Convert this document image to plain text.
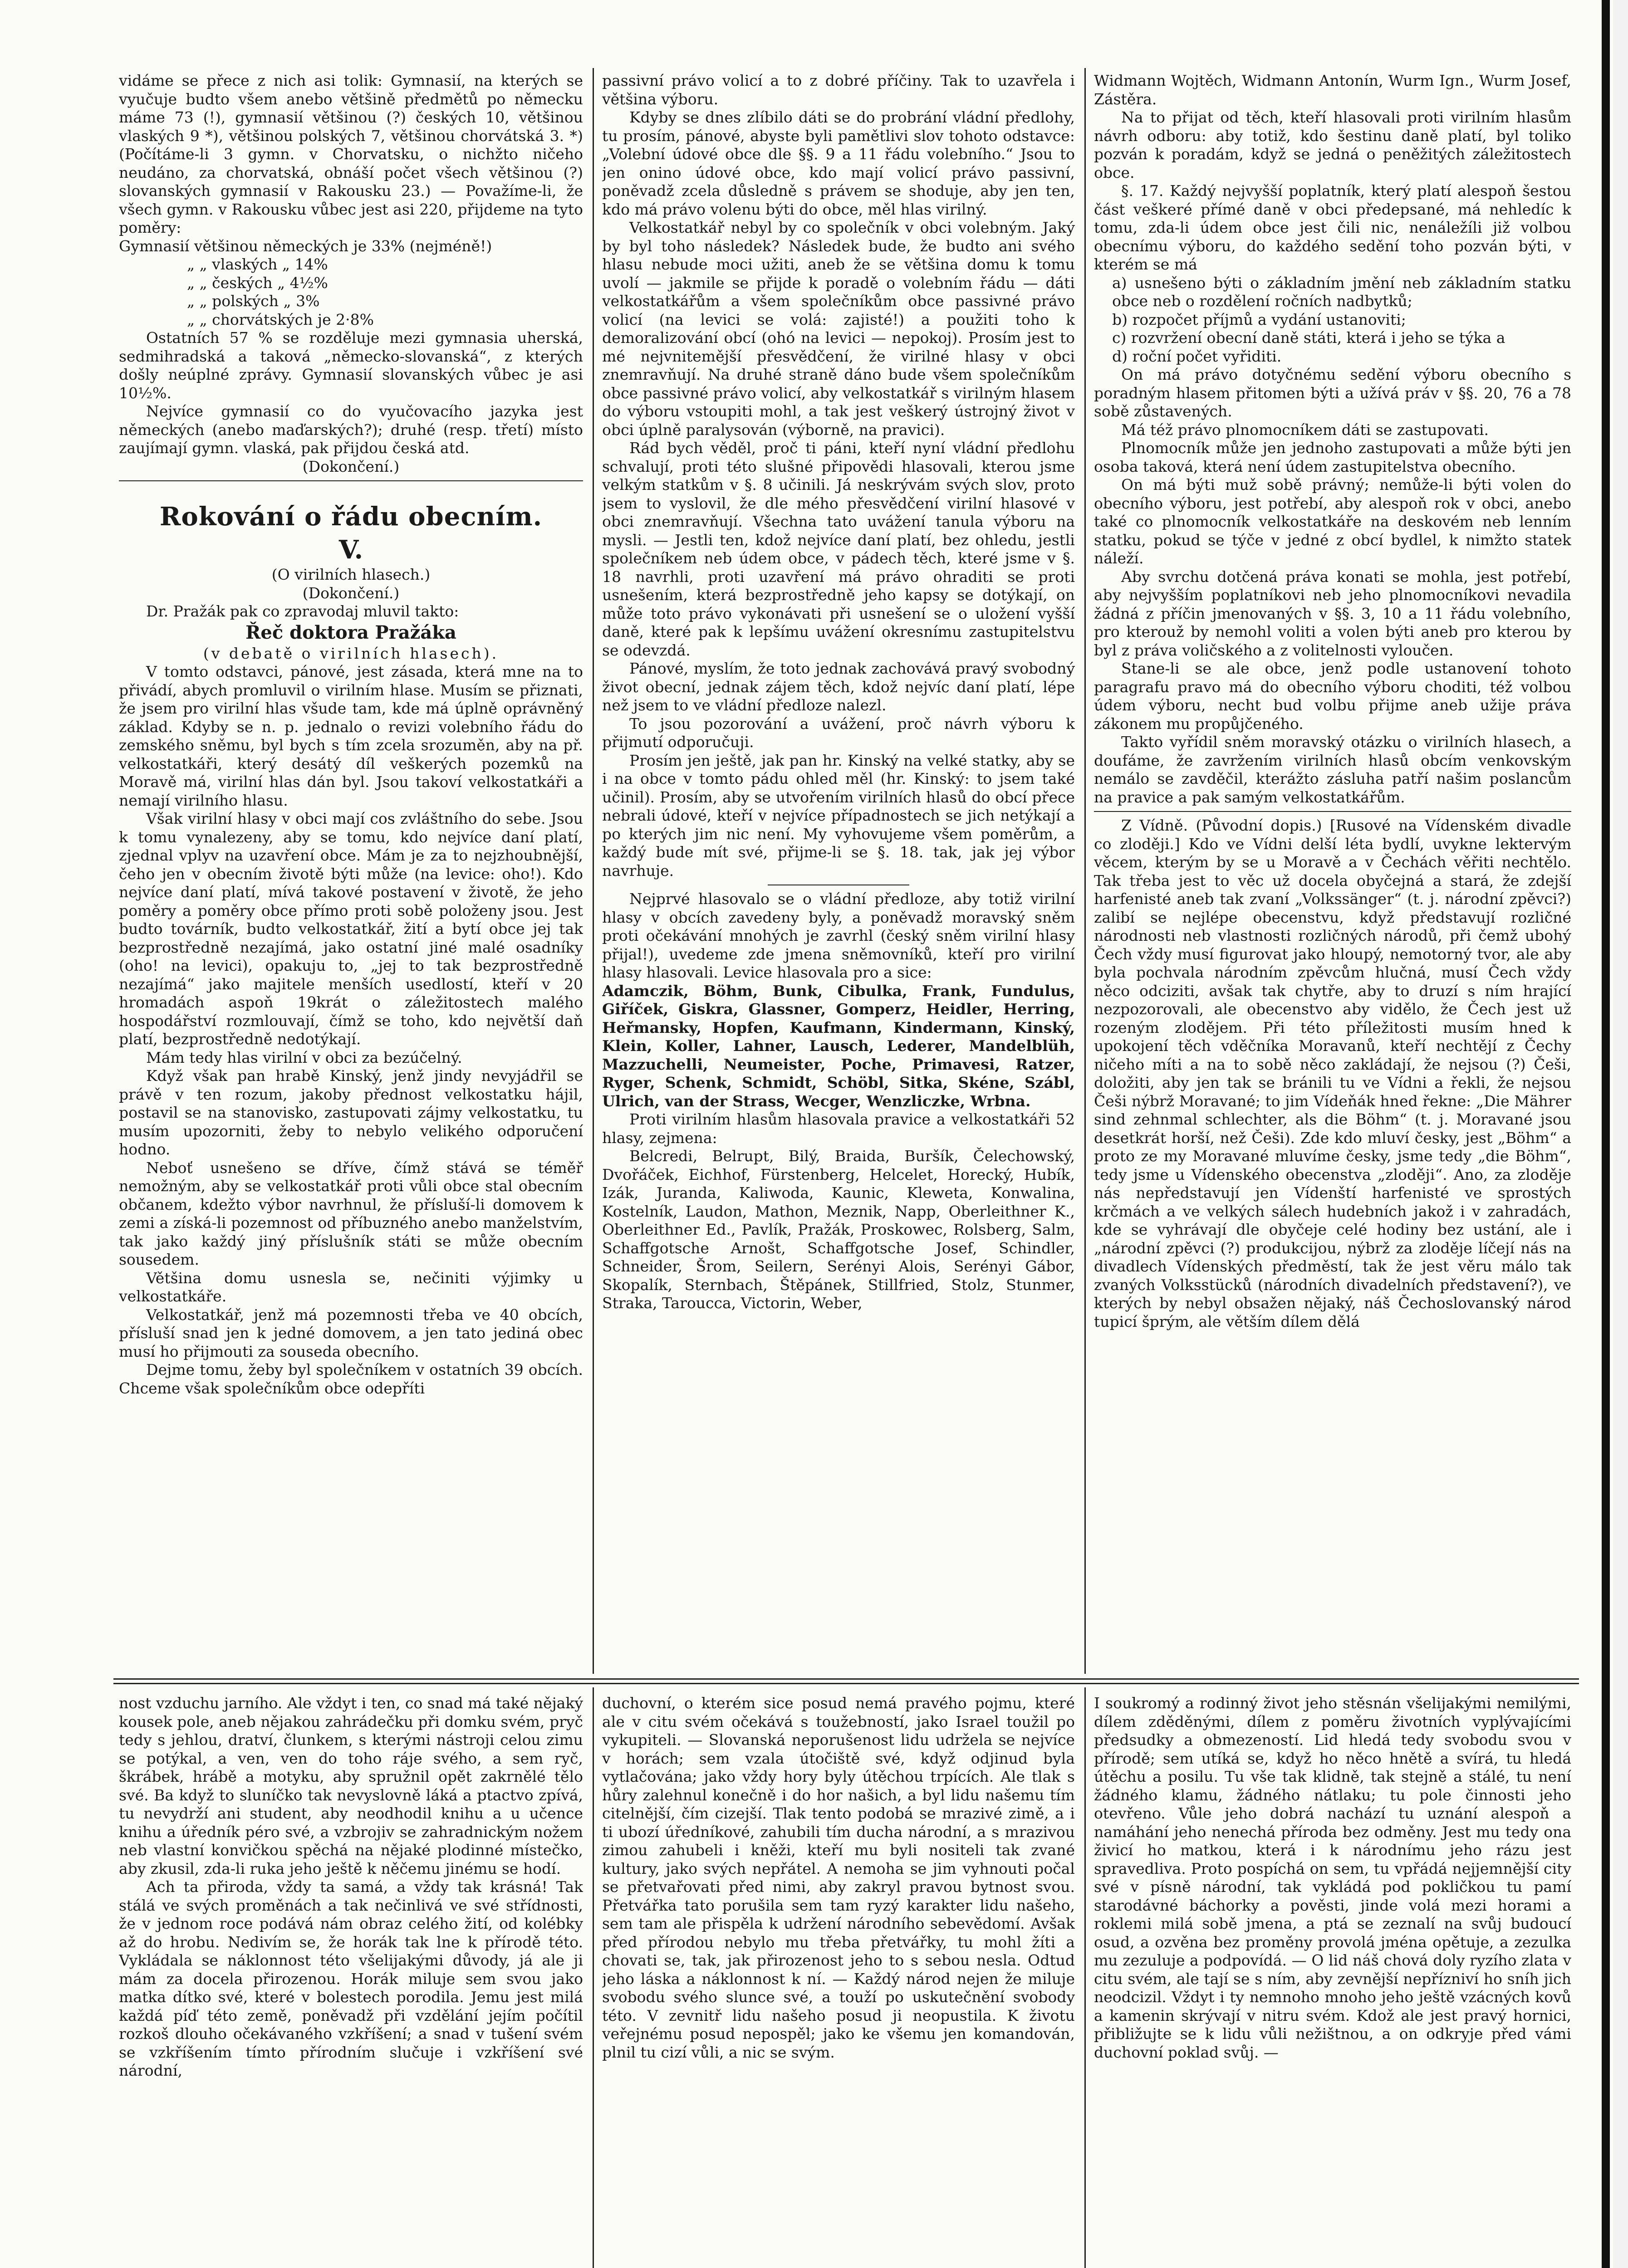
vidáme se přece z nich asi tolik: Gymnasií, na kterých se vyučuje budto všem anebo většině předmětů po německu máme 73 (!), gymnasií většinou (?) českých 10, většinou vlaských 9 *), většinou polských 7, většinou chorvátská 3. *) (Počítáme-li 3 gymn. v Chorvatsku, o nichžto ničeho neudáno, za chorvatská, obnáší počet všech většinou (?) slovanských gymnasií v Rakousku 23.) — Považíme-li, že všech gymn. v Rakousku vůbec jest asi 220, přijdeme na tyto poměry:

Gymnasií většinou německých je 33% (nejméně!)

„ „ vlaských „ 14%
„ „ českých „ 4½%
„ „ polských „ 3%
„ „ chorvátských je 2·8%

Ostatních 57 % se rozděluje mezi gymnasia uherská, sedmihradská a taková „německo-slovanská“, z kterých došly neúplné zprávy. Gymnasií slovanských vůbec je asi 10½%.

Nejvíce gymnasií co do vyučovacího jazyka jest německých (anebo maďarských?); druhé (resp. třetí) místo zaujímají gymn. vlaská, pak přijdou česká atd.

(Dokončení.)

Rokování o řádu obecním.
V.

(O virilních hlasech.)

(Dokončení.)

Dr. Pražák pak co zpravodaj mluvil takto:

Řeč doktora Pražáka

(v debatě o virilních hlasech).

V tomto odstavci, pánové, jest zásada, která mne na to přivádí, abych promluvil o virilním hlase. Musím se přiznati, že jsem pro virilní hlas všude tam, kde má úplně oprávněný základ. Kdyby se n. p. jednalo o revizi volebního řádu do zemského sněmu, byl bych s tím zcela srozuměn, aby na př. velkostatkáři, který desátý díl veškerých pozemků na Moravě má, virilní hlas dán byl. Jsou takoví velkostatkáři a nemají virilního hlasu.

Však virilní hlasy v obci mají cos zvláštního do sebe. Jsou k tomu vynalezeny, aby se tomu, kdo nejvíce daní platí, zjednal vplyv na uzavření obce. Mám je za to nejzhoubnější, čeho jen v obecním životě býti může (na levice: oho!). Kdo nejvíce daní platí, mívá takové postavení v životě, že jeho poměry a poměry obce přímo proti sobě položeny jsou. Jest budto továrník, budto velkostatkář, žití a bytí obce jej tak bezprostředně nezajímá, jako ostatní jiné malé osadníky (oho! na levici), opakuju to, „jej to tak bezprostředně nezajímá“ jako majitele menších usedlostí, kteří v 20 hromadách aspoň 19krát o záležitostech malého hospodářství rozmlouvají, čímž se toho, kdo největší daň platí, bezprostředně nedotýkají.

Mám tedy hlas virilní v obci za bezúčelný.

Když však pan hrabě Kinský, jenž jindy nevyjádřil se právě v ten rozum, jakoby přednost velkostatku hájil, postavil se na stanovisko, zastupovati zájmy velkostatku, tu musím upozorniti, žeby to nebylo velikého odporučení hodno.

Neboť usnešeno se dříve, čímž stává se téměř nemožným, aby se velkostatkář proti vůli obce stal obecním občanem, kdežto výbor navrhnul, že přísluší-li domovem k zemi a získá-li pozemnost od příbuzného anebo manželstvím, tak jako každý jiný příslušník státi se může obecním sousedem.

Většina domu usnesla se, nečiniti výjimky u velkostatkáře.

Velkostatkář, jenž má pozemnosti třeba ve 40 obcích, přísluší snad jen k jedné domovem, a jen tato jediná obec musí ho přijmouti za souseda obecního.

Dejme tomu, žeby byl společníkem v ostatních 39 obcích. Chceme však společníkům obce odepříti

passivní právo volicí a to z dobré příčiny. Tak to uzavřela i většina výboru.

Kdyby se dnes zlíbilo dáti se do probrání vládní předlohy, tu prosím, pánové, abyste byli pamětlivi slov tohoto odstavce: „Volební údové obce dle §§. 9 a 11 řádu volebního.“ Jsou to jen onino údové obce, kdo mají volicí právo passivní, poněvadž zcela důsledně s právem se shoduje, aby jen ten, kdo má právo volenu býti do obce, měl hlas virilný.

Velkostatkář nebyl by co společník v obci volebným. Jaký by byl toho následek? Následek bude, že budto ani svého hlasu nebude moci užiti, aneb že se většina domu k tomu uvolí — jakmile se přijde k poradě o volebním řádu — dáti velkostatkářům a všem společníkům obce passivné právo volicí (na levici se volá: zajisté!) a použiti toho k demoralizování obcí (ohó na levici — nepokoj). Prosím jest to mé nejvnitemější přesvědčení, že virilné hlasy v obci znemravňují. Na druhé straně dáno bude všem společníkům obce passivné právo volicí, aby velkostatkář s virilným hlasem do výboru vstoupiti mohl, a tak jest veškerý ústrojný život v obci úplně paralysován (výborně, na pravici).

Rád bych věděl, proč ti páni, kteří nyní vládní předlohu schvalují, proti této slušné připovědi hlasovali, kterou jsme velkým statkům v §. 8 učinili. Já neskrývám svých slov, proto jsem to vyslovil, že dle mého přesvědčení virilní hlasové v obci znemravňují. Všechna tato uvážení tanula výboru na mysli. — Jestli ten, kdož nejvíce daní platí, bez ohledu, jestli společníkem neb údem obce, v pádech těch, které jsme v §. 18 navrhli, proti uzavření má právo ohraditi se proti usnešením, která bezprostředně jeho kapsy se dotýkají, on může toto právo vykonávati při usnešení se o uložení vyšší daně, které pak k lepšímu uvážení okresnímu zastupitelstvu se odevzdá.

Pánové, myslím, že toto jednak zachovává pravý svobodný život obecní, jednak zájem těch, kdož nejvíc daní platí, lépe než jsem to ve vládní předloze nalezl.

To jsou pozorování a uvážení, proč návrh výboru k přijmutí odporučuji.

Prosím jen ještě, jak pan hr. Kinský na velké statky, aby se i na obce v tomto pádu ohled měl (hr. Kinský: to jsem také učinil). Prosím, aby se utvořením virilních hlasů do obcí přece nebrali údové, kteří v nejvíce případnostech se jich netýkají a po kterých jim nic není. My vyhovujeme všem poměrům, a každý bude mít své, přijme-li se §. 18. tak, jak jej výbor navrhuje.

Nejprvé hlasovalo se o vládní předloze, aby totiž virilní hlasy v obcích zavedeny byly, a poněvadž moravský sněm proti očekávání mnohých je zavrhl (český sněm virilní hlasy přijal!), uvedeme zde jmena sněmovníků, kteří pro virilní hlasy hlasovali. Levice hlasovala pro a sice:

Adamczik, Böhm, Bunk, Cibulka, Frank, Fundulus, Giříček, Giskra, Glassner, Gomperz, Heidler, Herring, Heřmansky, Hopfen, Kaufmann, Kindermann, Kinský, Klein, Koller, Lahner, Lausch, Lederer, Mandelblüh, Mazzuchelli, Neumeister, Poche, Primavesi, Ratzer, Ryger, Schenk, Schmidt, Schöbl, Sitka, Skéne, Szábl, Ulrich, van der Strass, Wecger, Wenzliczke, Wrbna.

Proti virilním hlasům hlasovala pravice a velkostatkáři 52 hlasy, zejmena:

Belcredi, Belrupt, Bilý, Braida, Buršík, Čelechowský, Dvořáček, Eichhof, Fürstenberg, Helcelet, Horecký, Hubík, Izák, Juranda, Kaliwoda, Kaunic, Kleweta, Konwalina, Kostelník, Laudon, Mathon, Meznik, Napp, Oberleithner K., Oberleithner Ed., Pavlík, Pražák, Proskowec, Rolsberg, Salm, Schaffgotsche Arnošt, Schaffgotsche Josef, Schindler, Schneider, Šrom, Seilern, Serényi Alois, Serényi Gábor, Skopalík, Sternbach, Štěpánek, Stillfried, Stolz, Stunmer, Straka, Tarouсca, Victorin, Weber,

Widmann Wojtěch, Widmann Antonín, Wurm Ign., Wurm Josef, Zástěra.

Na to přijat od těch, kteří hlasovali proti virilním hlasům návrh odboru: aby totiž, kdo šestinu daně platí, byl toliko pozván k poradám, když se jedná o peněžitých záležitostech obce.

§. 17. Každý nejvyšší poplatník, který platí alespoň šestou část veškeré přímé daně v obci předepsané, má nehledíc k tomu, zda-li údem obce jest čili nic, nenáležíli již volbou obecnímu výboru, do každého sedění toho pozván býti, v kterém se má

a) usnešeno býti o základním jmění neb základním statku obce neb o rozdělení ročních nadbytků;
b) rozpočet příjmů a vydání ustanoviti;
c) rozvržení obecní daně státi, která i jeho se týka a
d) roční počet vyřiditi.

On má právo dotyčnému sedění výboru obecního s poradným hlasem přitomen býti a užívá práv v §§. 20, 76 a 78 sobě zůstavených.

Má též právo plnomocníkem dáti se zastupovati.

Plnomocník může jen jednoho zastupovati a může býti jen osoba taková, která není údem zastupitelstva obecního.

On má býti muž sobě právný; nemůže-li býti volen do obecního výboru, jest potřebí, aby alespoň rok v obci, anebo také co plnomocník velkostatkáře na deskovém neb lenním statku, pokud se týče v jedné z obcí bydlel, k nimžto statek náleží.

Aby svrchu dotčená práva konati se mohla, jest potřebí, aby nejvyšším poplatníkovi neb jeho plnomocníkovi nevadila žádná z příčin jmenovaných v §§. 3, 10 a 11 řádu volebního, pro kterouž by nemohl voliti a volen býti aneb pro kterou by byl z práva voličského a z volitelnosti vyloučen.

Stane-li se ale obce, jenž podle ustanovení tohoto paragrafu pravo má do obecního výboru choditi, též volbou údem výboru, necht bud volbu přijme aneb užije práva zákonem mu propůjčeného.

Takto vyřídil sněm moravský otázku o virilních hlasech, a doufáme, že zavržením virilních hlasů obcím venkovským nemálo se zavděčil, kterážto zásluha patří našim poslancům na pravice a pak samým velkostatkářům.

Z Vídně. (Původní dopis.) [Rusové na Vídenském divadle co zloději.] Kdo ve Vídni delší léta bydlí, uvykne lektervým věcem, kterým by se u Moravě a v Čechách věřiti nechtělo. Tak třeba jest to věc už docela obyčejná a stará, že zdejší harfenisté aneb tak zvaní „Volkssänger“ (t. j. národní zpěvci?) zalibí se nejlépe obecenstvu, když představují rozličné národnosti neb vlastnosti rozličných národů, při čemž ubohý Čech vždy musí figurovat jako hloupý, nemotorný tvor, ale aby byla pochvala národním zpěvcům hlučná, musí Čech vždy něco odciziti, avšak tak chytře, aby to druzí s ním hrající nezpozorovali, ale obecenstvo aby vidělo, že Čech jest už rozeným zlodějem. Při této příležitosti musím hned k upokojení těch vděčníka Moravanů, kteří nechtějí z Čechy ničeho míti a na to sobě něco zakládají, že nejsou (?) Češi, doložiti, aby jen tak se bránili tu ve Vídni a řekli, že nejsou Češi nýbrž Moravané; to jim Vídeňák hned řekne: „Die Mährer sind zehnmal schlechter, als die Böhm“ (t. j. Moravané jsou desetkrát horší, než Češi). Zde kdo mluví česky, jest „Böhm“ a proto ze my Moravané mluvíme česky, jsme tedy „die Böhm“, tedy jsme u Vídenského obecenstva „zloději“. Ano, za zloděje nás nepředstavují jen Vídenští harfenisté ve sprostých krčmách a ve velkých sálech hudebních jakož i v zahradách, kde se vyhrávají dle obyčeje celé hodiny bez ustání, ale i „národní zpěvci (?) produkcijou, nýbrž za zloděje líčejí nás na divadlech Vídenských předměstí, tak že jest věru málo tak zvaných Volksstücků (národních divadelních představení?), ve kterých by nebyl obsažen nějaký, náš Čechoslovanský národ tupicí šprým, ale větším dílem dělá

nost vzduchu jarního. Ale vždyt i ten, co snad má také nějaký kousek pole, aneb nějakou zahrádečku při domku svém, pryč tedy s jehlou, dratví, člunkem, s kterými nástroji celou zimu se potýkal, a ven, ven do toho ráje svého, a sem ryč, škrábek, hrábě a motyku, aby spružnil opět zakrnělé tělo své. Ba když to sluníčko tak nevyslovně láká a ptactvo zpívá, tu nevydrží ani student, aby neodhodil knihu a u učence knihu a úředník péro své, a vzbrojiv se zahradnickým nožem neb vlastní konvičkou spěchá na nějaké plodinné místečko, aby zkusil, zda-li ruka jeho ještě k něčemu jinému se hodí.

Ach ta přiroda, vždy ta samá, a vždy tak krásná! Tak stálá ve svých proměnách a tak nečinlivá ve své střídnosti, že v jednom roce podává nám obraz celého žití, od kolébky až do hrobu. Nedivím se, že horák tak lne k přírodě této. Vykládala se náklonnost této všelijakými důvody, já ale ji mám za docela přirozenou. Horák miluje sem svou jako matka dítko své, které v bolestech porodila. Jemu jest milá každá píď této země, poněvadž při vzdělání jejím počítil rozkoš dlouho očekávaného vzkříšení; a snad v tušení svém se vzkříšením tímto přírodním slučuje i vzkříšení své národní,

duchovní, o kterém sice posud nemá pravého pojmu, které ale v citu svém očekává s toužebností, jako Israel toužil po vykupiteli. — Slovanská neporušenost lidu udržela se nejvíce v horách; sem vzala útočiště své, když odjinud byla vytlačována; jako vždy hory byly útěchou trpících. Ale tlak s hůry zalehnul konečně i do hor našich, a byl lidu našemu tím citelnější, čím cizejší. Tlak tento podobá se mrazivé zimě, a i ti ubozí úředníkové, zahubili tím ducha národní, a s mrazivou zimou zahubeli i kněži, kteří mu byli nositeli tak zvané kultury, jako svých nepřátel. A nemoha se jim vyhnouti počal se přetvařovati před nimi, aby zakryl pravou bytnost svou. Přetvářka tato porušila sem tam ryzý karakter lidu našeho, sem tam ale přispěla k udržení národního sebevědomí. Avšak před přírodou nebylo mu třeba přetvářky, tu mohl žíti a chovati se, tak, jak přirozenost jeho to s sebou nesla. Odtud jeho láska a náklonnost k ní. — Každý národ nejen že miluje svobodu svého slunce své, a touží po uskutečnění svobody této. V zevnitř lidu našeho posud ji neopustila. K životu veřejnému posud nepospěl; jako ke všemu jen komandován, plnil tu cizí vůli, a nic se svým.

I soukromý a rodinný život jeho stěsnán všelijakými nemilými, dílem zděděnými, dílem z poměru životních vyplývajícími předsudky a obmezeností. Lid hledá tedy svobodu svou v přírodě; sem utíká se, když ho něco hnětě a svírá, tu hledá útěchu a posilu. Tu vše tak klidně, tak stejně a stálé, tu není žádného klamu, žádného nátlaku; tu pole činnosti jeho otevřeno. Vůle jeho dobrá nachází tu uznání alespoň a namáhání jeho nenechá příroda bez odměny. Jest mu tedy ona živicí ho matkou, která i k národnímu jeho rázu jest spravedliva. Proto pospíchá on sem, tu vpřádá nejjemnější city své v písně národní, tak vykládá pod pokličkou tu pamí starodávné báchorky a pověsti, jinde volá mezi horami a roklemi milá sobě jmena, a ptá se zeznalí na svůj budoucí osud, a ozvěna bez proměny provolá jména opětuje, a zezulka mu zezuluje a podpovídá. — O lid náš chová doly ryzího zlata v citu svém, ale tají se s ním, aby zevnější nepřízniví ho sníh jich neodcizil. Vždyt i ty nemnoho mnoho jeho ještě vzácných kovů a kamenin skrývají v nitru svém. Kdož ale jest pravý hornici, přibližujte se k lidu vůli nežištnou, a on odkryje před vámi duchovní poklad svůj. —
